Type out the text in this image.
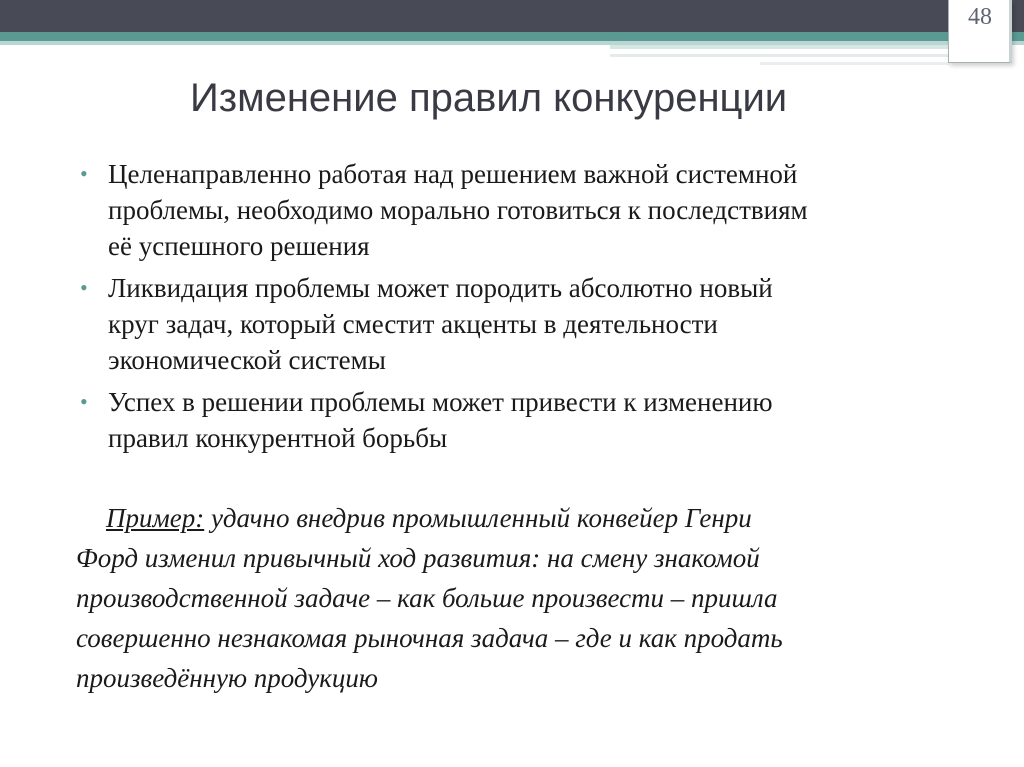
48
Изменение правил конкуренции
• Целенаправленно работая над решением важной системной
проблемы, необходимо морально готовиться к последствиям
её успешного решения
• Ликвидация проблемы может породить абсолютно новый
круг задач, который сместит акценты в деятельности
экономической системы
• Успех в решении проблемы может привести к изменению
правил конкурентной борьбы

Пример: удачно внедрив промышленный конвейер Генри

Форд изменил привычный ход развития: на смену знакомой

производственной задаче – как больше произвести – пришла

совершенно незнакомая рыночная задача – где и как продать

произведённую продукцию
